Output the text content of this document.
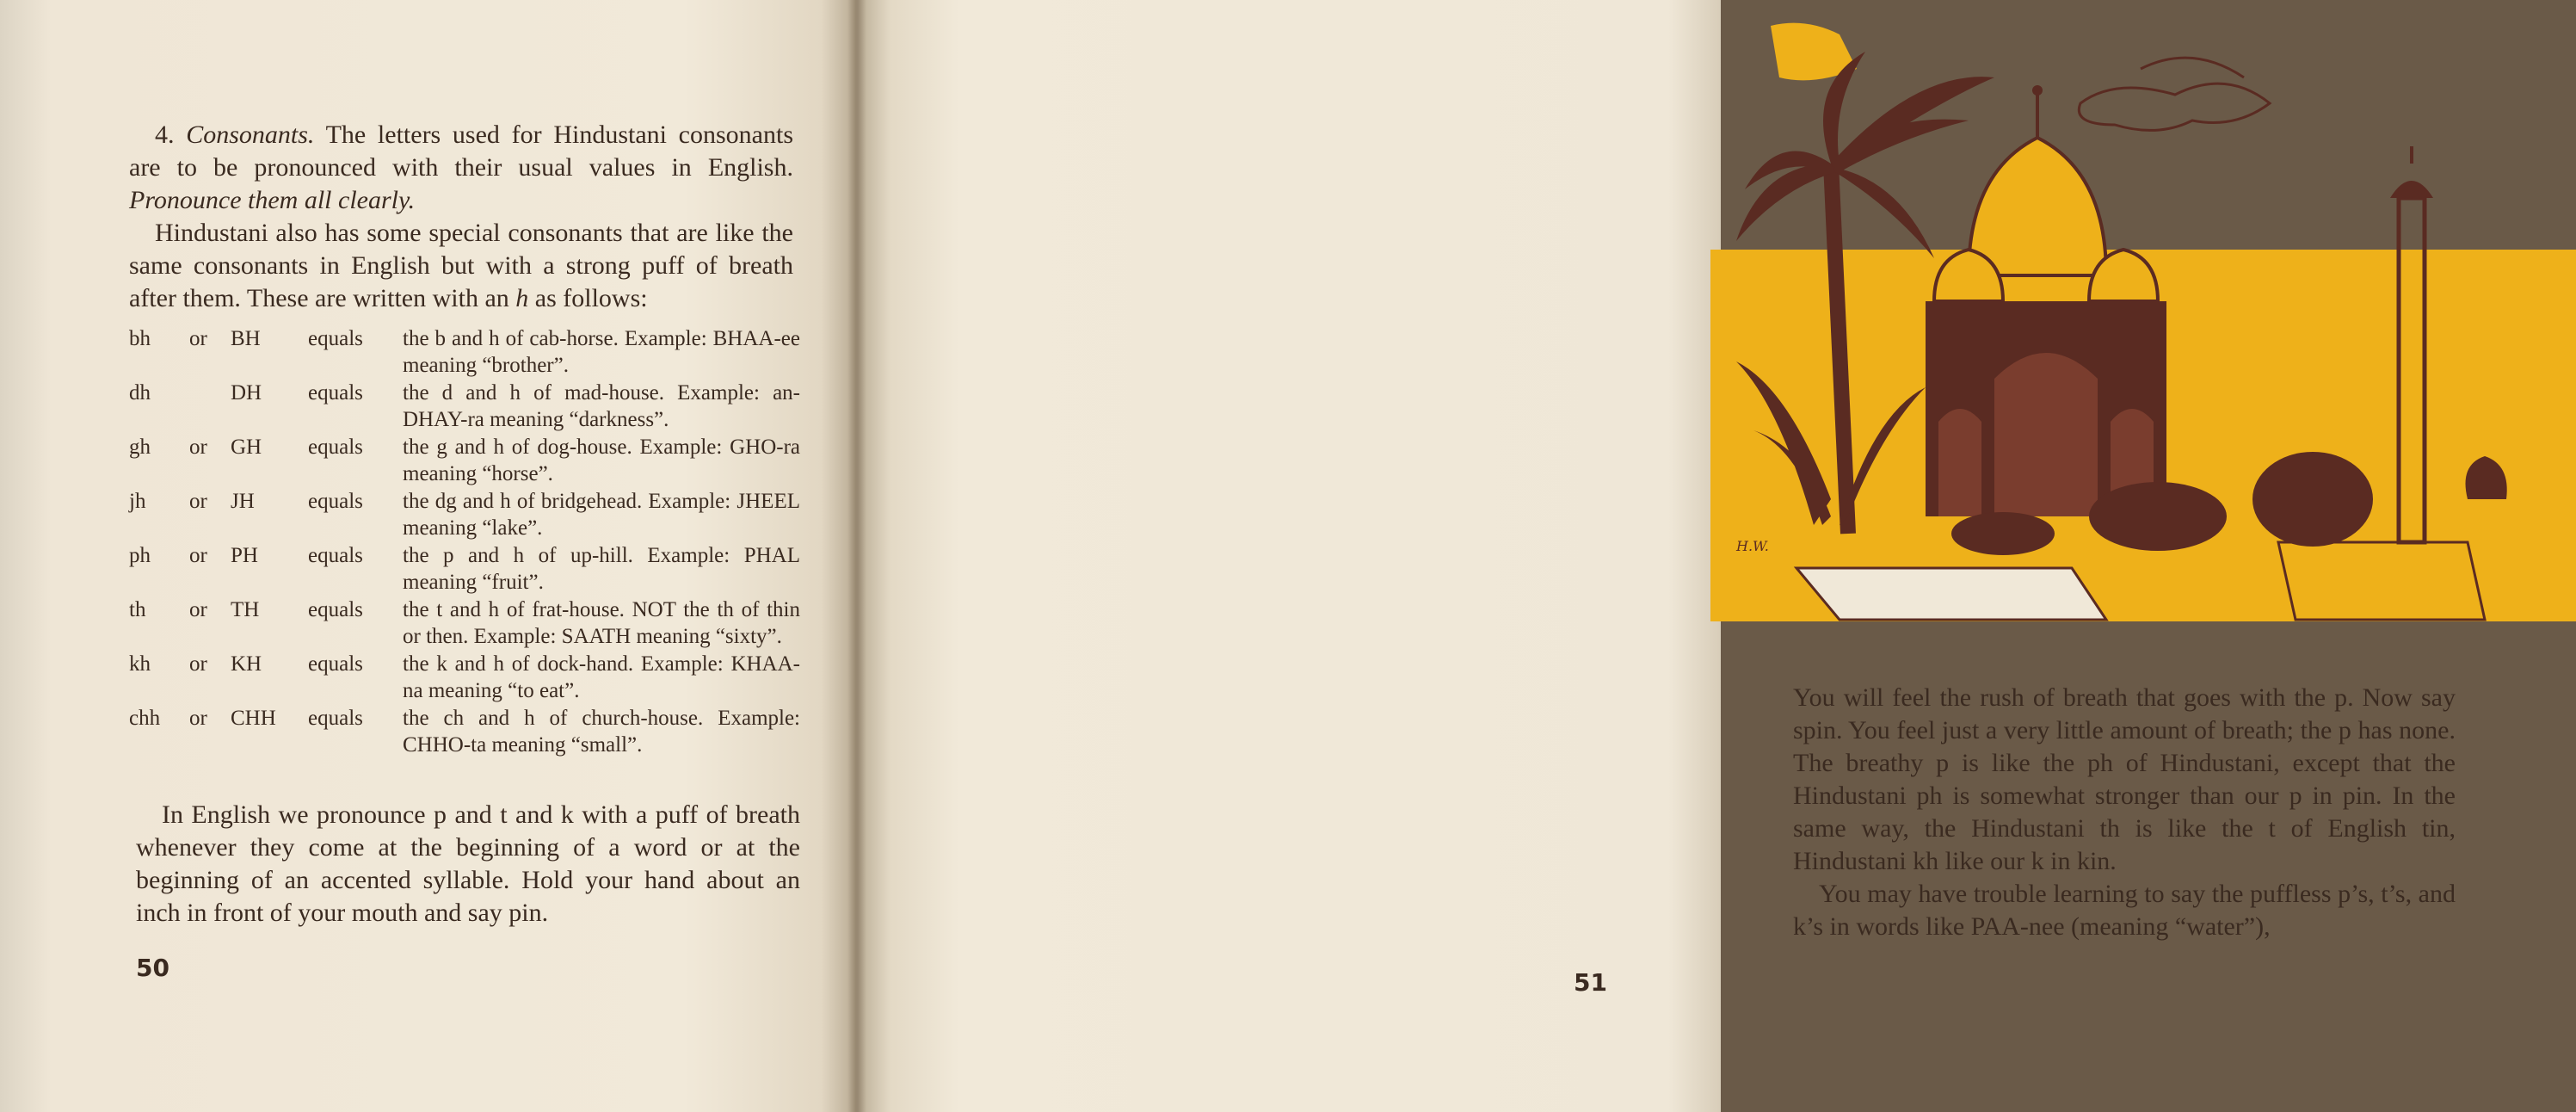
4. Consonants. The letters used for Hindustani consonants are to be pronounced with their usual values in English. Pronounce them all clearly.

Hindustani also has some special consonants that are like the same consonants in English but with a strong puff of breath after them. These are written with an h as follows:

bh	or	BH	equals	the b and h of cab-horse. Example: BHAA-ee meaning “brother”.
dh		DH	equals	the d and h of mad-house. Example: an-DHAY-ra meaning “darkness”.
gh	or	GH	equals	the g and h of dog-house. Example: GHO-ra meaning “horse”.
jh	or	JH	equals	the dg and h of bridgehead. Example: JHEEL meaning “lake”.
ph	or	PH	equals	the p and h of up-hill. Example: PHAL meaning “fruit”.
th	or	TH	equals	the t and h of frat-house. NOT the th of thin or then. Example: SAATH meaning “sixty”.
kh	or	KH	equals	the k and h of dock-hand. Example: KHAA-na meaning “to eat”.
chh	or	CHH	equals	the ch and h of church-house. Example: CHHO-ta meaning “small”.

In English we pronounce p and t and k with a puff of breath whenever they come at the beginning of a word or at the beginning of an accented syllable. Hold your hand about an inch in front of your mouth and say pin.

50
H.W.

You will feel the rush of breath that goes with the p. Now say spin. You feel just a very little amount of breath; the p has none. The breathy p is like the ph of Hindustani, except that the Hindustani ph is somewhat stronger than our p in pin. In the same way, the Hindustani th is like the t of English tin, Hindustani kh like our k in kin.

You may have trouble learning to say the puffless p’s, t’s, and k’s in words like PAA-nee (meaning “water”),

51
